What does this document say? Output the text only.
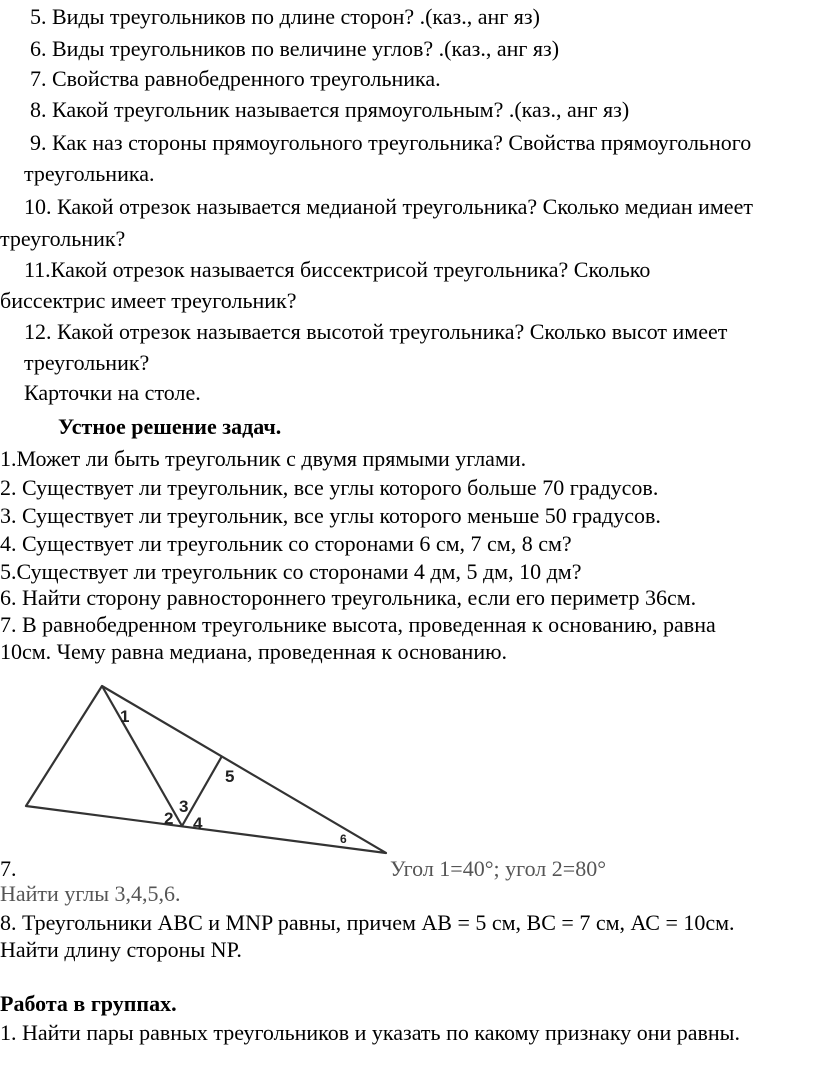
5. Виды треугольников по длине сторон? .(каз., анг яз)
6. Виды треугольников по величине углов? .(каз., анг яз)
7. Свойства равнобедренного треугольника.
8. Какой треугольник называется прямоугольным? .(каз., анг яз)
9. Как наз стороны прямоугольного треугольника? Свойства прямоугольного
треугольника.
10. Какой отрезок называется медианой треугольника? Сколько медиан имеет
треугольник?
11.Какой отрезок называется биссектрисой треугольника? Сколько
биссектрис имеет треугольник?
12. Какой отрезок называется высотой треугольника? Сколько высот имеет
треугольник?
Карточки на столе.
Устное решение задач.
1.Может ли быть треугольник с двумя прямыми углами.
2. Существует ли треугольник, все углы которого больше 70 градусов.
3. Существует ли треугольник, все углы которого меньше 50 градусов.
4. Существует ли треугольник со сторонами 6 см, 7 см, 8 см?
5.Существует ли треугольник со сторонами 4 дм, 5 дм, 10 дм?
6. Найти сторону равностороннего треугольника, если его периметр 36см.
7. В равнобедренном треугольнике высота, проведенная к основанию, равна
10см. Чему равна медиана, проведенная к основанию.
1
2
3
4
5
6
7.	Угол 1=40°; угол 2=80°
Найти углы 3,4,5,6.
8. Треугольники АВС и MNP равны, причем АВ = 5 см, ВС = 7 см, АС = 10см.
Найти длину стороны NP.
Работа в группах.
1. Найти пары равных треугольников и указать по какому признаку они равны.
